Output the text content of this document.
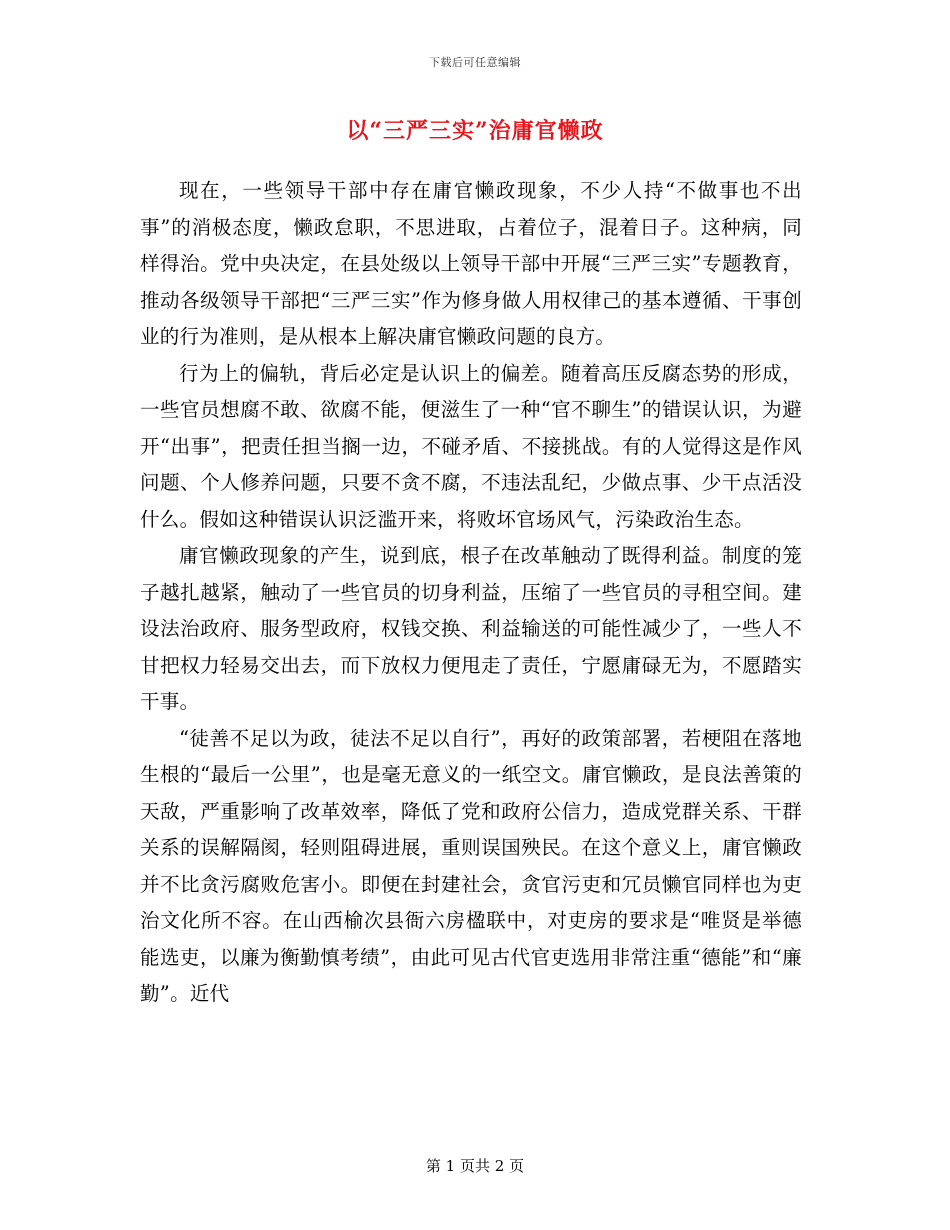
下载后可任意编辑
以“三严三实”治庸官懒政

现在，一些领导干部中存在庸官懒政现象，不少人持“不做事也不出事”的消极态度，懒政怠职，不思进取，占着位子，混着日子。这种病，同样得治。党中央决定，在县处级以上领导干部中开展“三严三实”专题教育，推动各级领导干部把“三严三实”作为修身做人用权律己的基本遵循、干事创业的行为准则，是从根本上解决庸官懒政问题的良方。

行为上的偏轨，背后必定是认识上的偏差。随着高压反腐态势的形成，一些官员想腐不敢、欲腐不能，便滋生了一种“官不聊生”的错误认识，为避开“出事”，把责任担当搁一边，不碰矛盾、不接挑战。有的人觉得这是作风问题、个人修养问题，只要不贪不腐，不违法乱纪，少做点事、少干点活没什么。假如这种错误认识泛滥开来，将败坏官场风气，污染政治生态。

庸官懒政现象的产生，说到底，根子在改革触动了既得利益。制度的笼子越扎越紧，触动了一些官员的切身利益，压缩了一些官员的寻租空间。建设法治政府、服务型政府，权钱交换、利益输送的可能性减少了，一些人不甘把权力轻易交出去，而下放权力便甩走了责任，宁愿庸碌无为，不愿踏实干事。

“徒善不足以为政，徒法不足以自行”，再好的政策部署，若梗阻在落地生根的“最后一公里”，也是毫无意义的一纸空文。庸官懒政，是良法善策的天敌，严重影响了改革效率，降低了党和政府公信力，造成党群关系、干群关系的误解隔阂，轻则阻碍进展，重则误国殃民。在这个意义上，庸官懒政并不比贪污腐败危害小。即便在封建社会，贪官污吏和冗员懒官同样也为吏治文化所不容。在山西榆次县衙六房楹联中，对吏房的要求是“唯贤是举德能选吏，以廉为衡勤慎考绩”，由此可见古代官吏选用非常注重“德能”和“廉勤”。近代

第 1 页共 2 页
